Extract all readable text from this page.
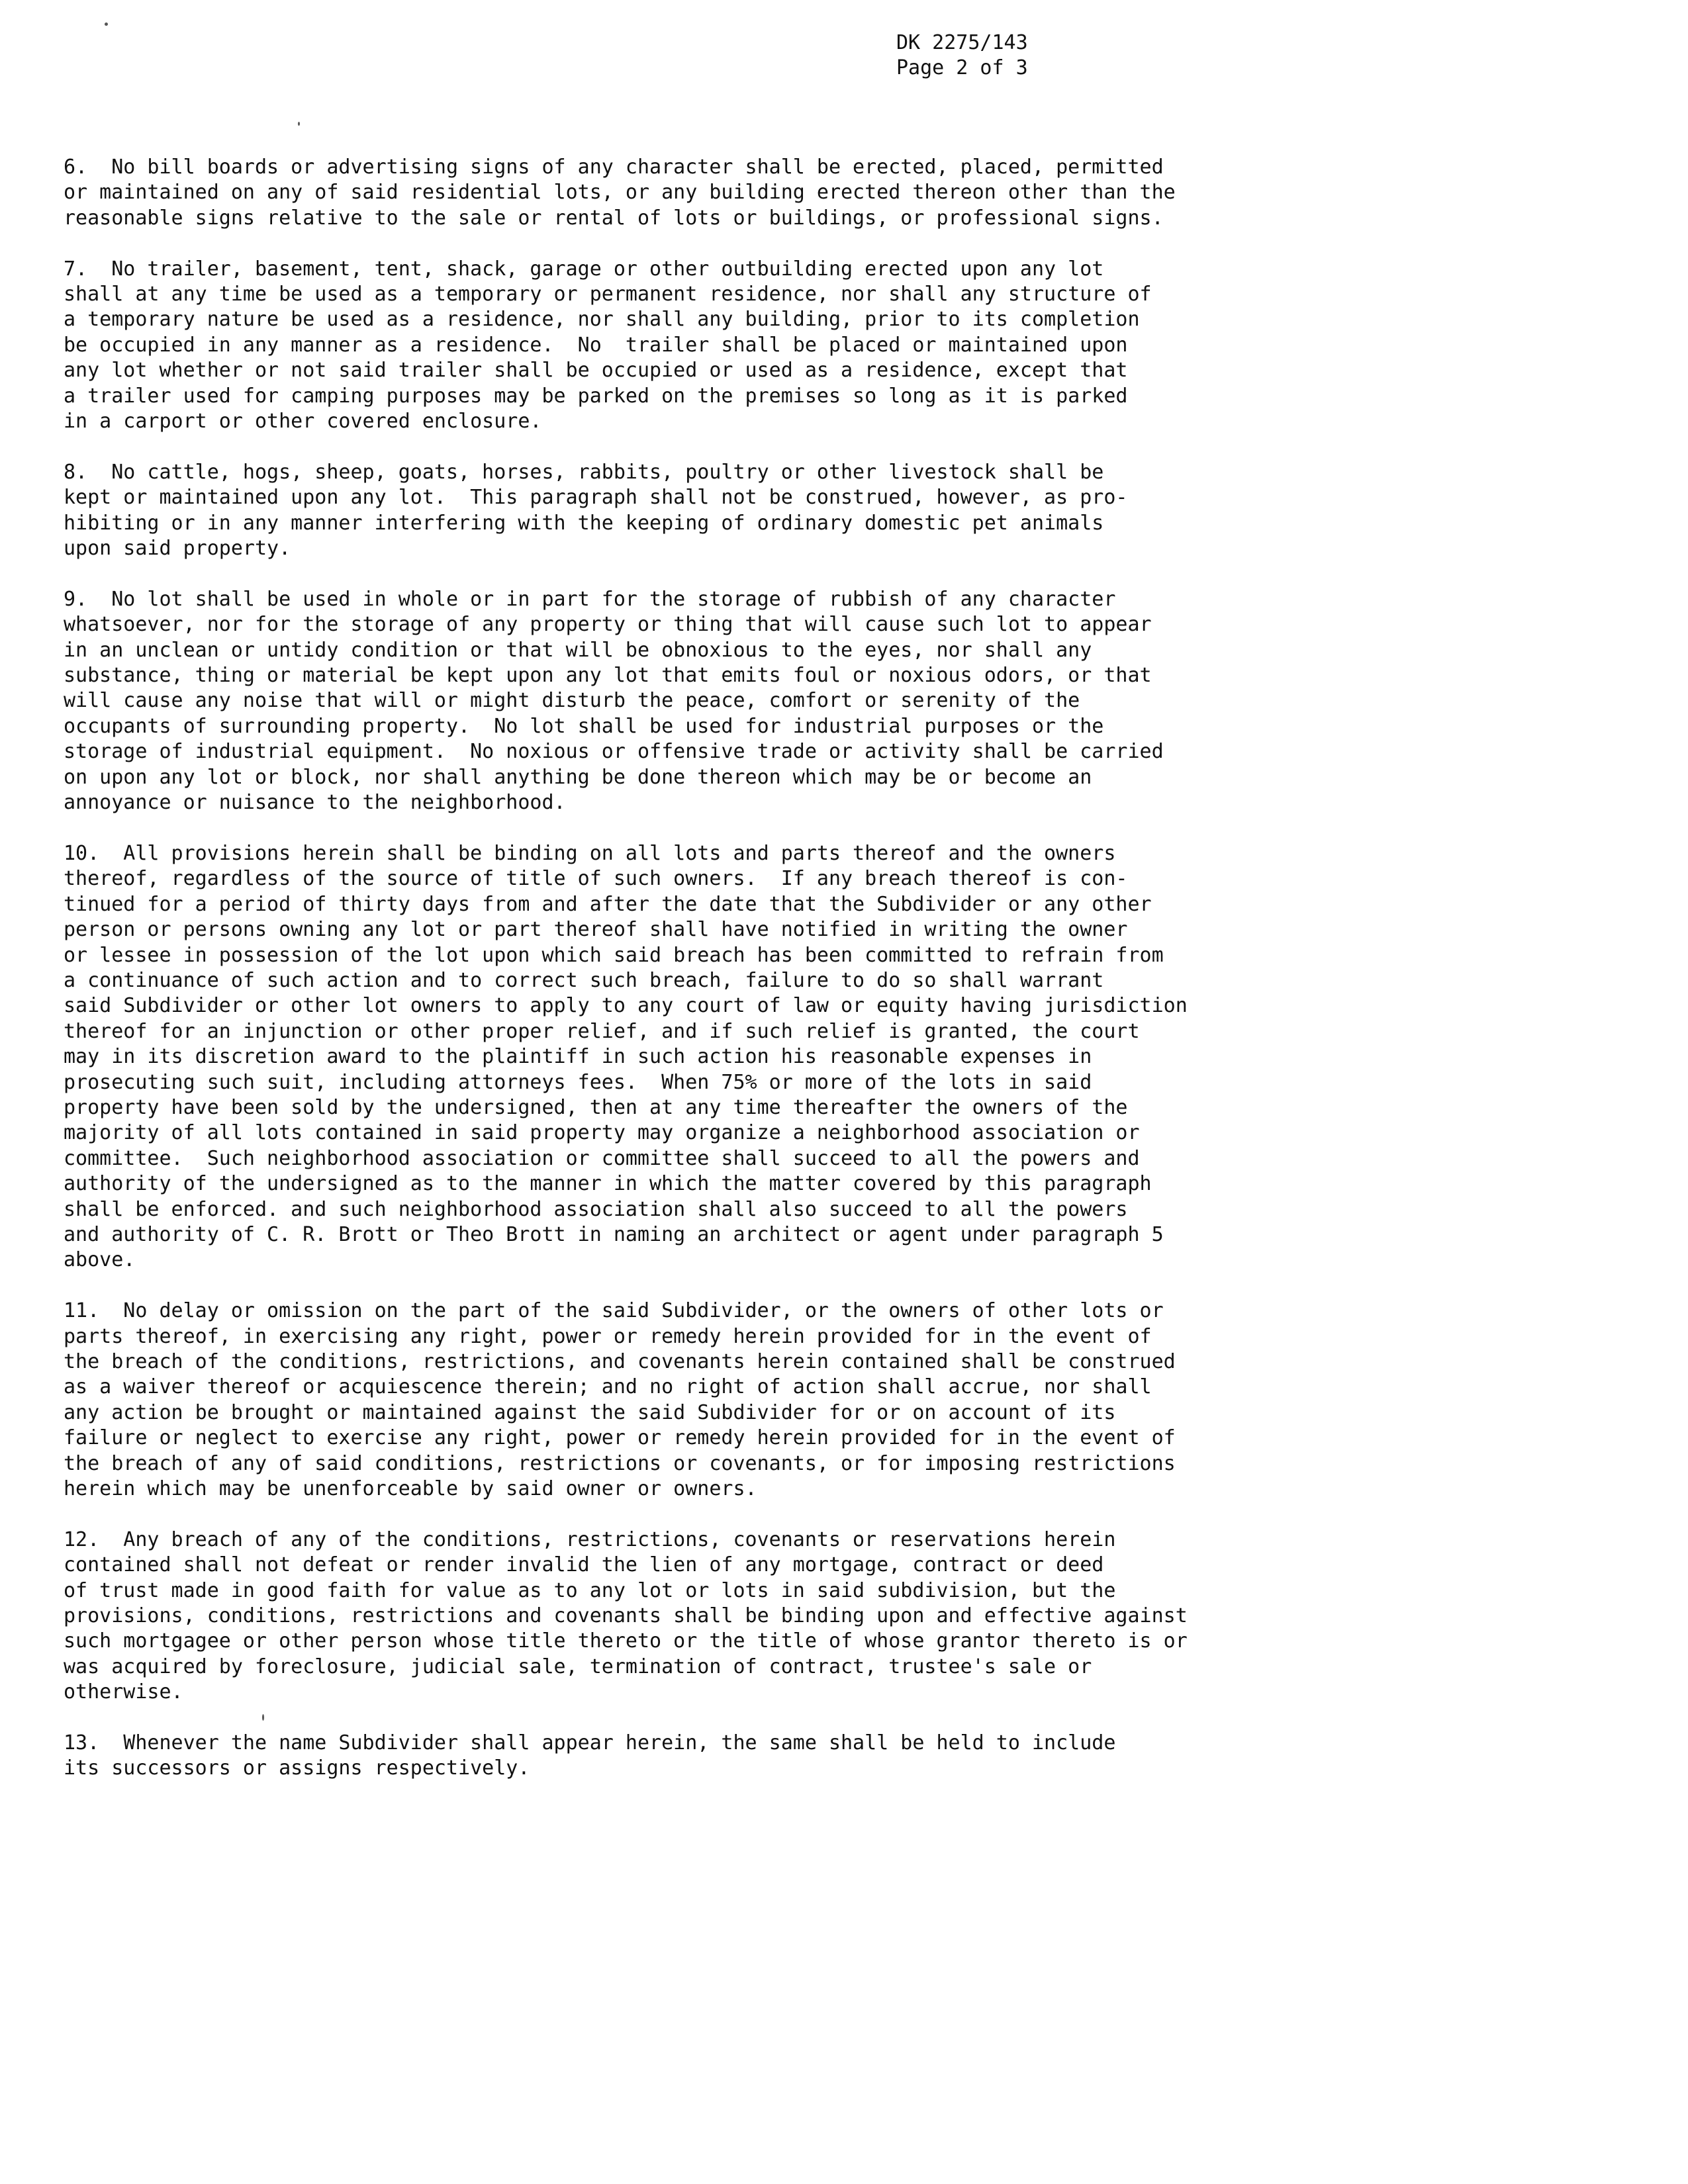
DK 2275/143
Page 2 of 3
6.  No bill boards or advertising signs of any character shall be erected, placed, permitted
or maintained on any of said residential lots, or any building erected thereon other than the
reasonable signs relative to the sale or rental of lots or buildings, or professional signs.
7.  No trailer, basement, tent, shack, garage or other outbuilding erected upon any lot
shall at any time be used as a temporary or permanent residence, nor shall any structure of
a temporary nature be used as a residence, nor shall any building, prior to its completion
be occupied in any manner as a residence.  No  trailer shall be placed or maintained upon
any lot whether or not said trailer shall be occupied or used as a residence, except that
a trailer used for camping purposes may be parked on the premises so long as it is parked
in a carport or other covered enclosure.
8.  No cattle, hogs, sheep, goats, horses, rabbits, poultry or other livestock shall be
kept or maintained upon any lot.  This paragraph shall not be construed, however, as pro-
hibiting or in any manner interfering with the keeping of ordinary domestic pet animals
upon said property.
9.  No lot shall be used in whole or in part for the storage of rubbish of any character
whatsoever, nor for the storage of any property or thing that will cause such lot to appear
in an unclean or untidy condition or that will be obnoxious to the eyes, nor shall any
substance, thing or material be kept upon any lot that emits foul or noxious odors, or that
will cause any noise that will or might disturb the peace, comfort or serenity of the
occupants of surrounding property.  No lot shall be used for industrial purposes or the
storage of industrial equipment.  No noxious or offensive trade or activity shall be carried
on upon any lot or block, nor shall anything be done thereon which may be or become an
annoyance or nuisance to the neighborhood.
10.  All provisions herein shall be binding on all lots and parts thereof and the owners
thereof, regardless of the source of title of such owners.  If any breach thereof is con-
tinued for a period of thirty days from and after the date that the Subdivider or any other
person or persons owning any lot or part thereof shall have notified in writing the owner
or lessee in possession of the lot upon which said breach has been committed to refrain from
a continuance of such action and to correct such breach, failure to do so shall warrant
said Subdivider or other lot owners to apply to any court of law or equity having jurisdiction
thereof for an injunction or other proper relief, and if such relief is granted, the court
may in its discretion award to the plaintiff in such action his reasonable expenses in
prosecuting such suit, including attorneys fees.  When 75% or more of the lots in said
property have been sold by the undersigned, then at any time thereafter the owners of the
majority of all lots contained in said property may organize a neighborhood association or
committee.  Such neighborhood association or committee shall succeed to all the powers and
authority of the undersigned as to the manner in which the matter covered by this paragraph
shall be enforced. and such neighborhood association shall also succeed to all the powers
and authority of C. R. Brott or Theo Brott in naming an architect or agent under paragraph 5
above.
11.  No delay or omission on the part of the said Subdivider, or the owners of other lots or
parts thereof, in exercising any right, power or remedy herein provided for in the event of
the breach of the conditions, restrictions, and covenants herein contained shall be construed
as a waiver thereof or acquiescence therein; and no right of action shall accrue, nor shall
any action be brought or maintained against the said Subdivider for or on account of its
failure or neglect to exercise any right, power or remedy herein provided for in the event of
the breach of any of said conditions, restrictions or covenants, or for imposing restrictions
herein which may be unenforceable by said owner or owners.
12.  Any breach of any of the conditions, restrictions, covenants or reservations herein
contained shall not defeat or render invalid the lien of any mortgage, contract or deed
of trust made in good faith for value as to any lot or lots in said subdivision, but the
provisions, conditions, restrictions and covenants shall be binding upon and effective against
such mortgagee or other person whose title thereto or the title of whose grantor thereto is or
was acquired by foreclosure, judicial sale, termination of contract, trustee's sale or
otherwise.
13.  Whenever the name Subdivider shall appear herein, the same shall be held to include
its successors or assigns respectively.
